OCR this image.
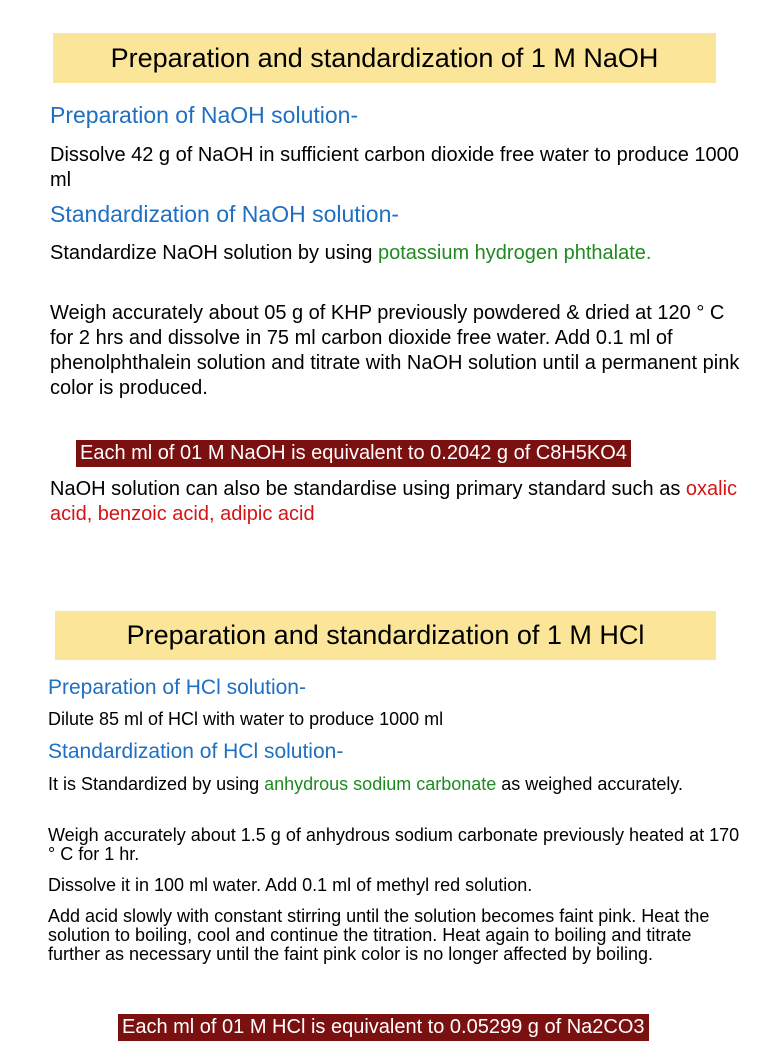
Preparation and standardization of 1 M NaOH
Preparation of NaOH solution-
Dissolve 42 g of NaOH in sufficient carbon dioxide free water to produce 1000 ml
Standardization of NaOH solution-
Standardize NaOH solution by using potassium hydrogen phthalate.
Weigh accurately about 05 g of KHP previously powdered & dried at 120 ° C for 2 hrs and dissolve in 75 ml carbon dioxide free water. Add 0.1 ml of phenolphthalein solution and titrate with NaOH solution until a permanent pink color is produced.
Each ml of 01 M NaOH is equivalent to 0.2042 g of C8H5KO4
NaOH solution can also be standardise using primary standard such as oxalic acid, benzoic acid, adipic acid
Preparation and standardization of 1 M HCl
Preparation of HCl solution-
Dilute 85 ml of HCl with water to produce 1000 ml
Standardization of HCl solution-
It is Standardized by using anhydrous sodium carbonate as weighed accurately.
Weigh accurately about 1.5 g of anhydrous sodium carbonate previously heated at 170 ° C for 1 hr.
Dissolve it in 100 ml water. Add 0.1 ml of methyl red solution.
Add acid slowly with constant stirring until the solution becomes faint pink. Heat the solution to boiling, cool and continue the titration. Heat again to boiling and titrate further as necessary until the faint pink color is no longer affected by boiling.
Each ml of 01 M HCl is equivalent to 0.05299 g of Na2CO3
